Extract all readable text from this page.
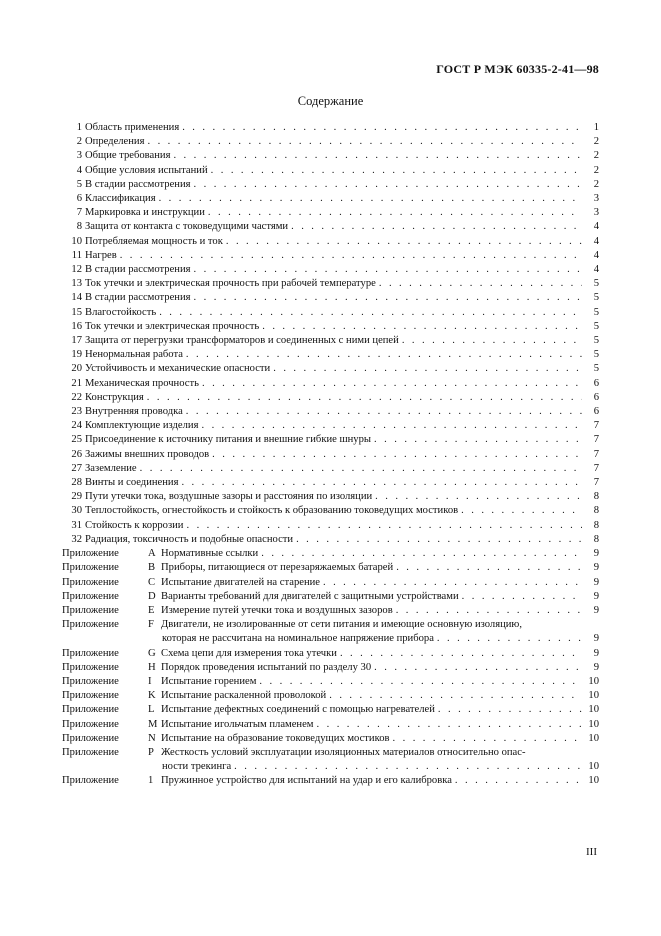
ГОСТ Р МЭК 60335-2-41—98
Содержание
1 Область применения . . .	1
2 Определения . . .	2
3 Общие требования . . .	2
4 Общие условия испытаний . . .	2
5 В стадии рассмотрения . . .	2
6 Классификация . . .	3
7 Маркировка и инструкции . . .	3
8 Защита от контакта с токоведущими частями . . .	4
10 Потребляемая мощность и ток . . .	4
11 Нагрев . . .	4
12 В стадии рассмотрения . . .	4
13 Ток утечки и электрическая прочность при рабочей температуре . . .	5
14 В стадии рассмотрения . . .	5
15 Влагостойкость . . .	5
16 Ток утечки и электрическая прочность . . .	5
17 Защита от перегрузки трансформаторов и соединенных с ними цепей . . .	5
19 Ненормальная работа . . .	5
20 Устойчивость и механические опасности . . .	5
21 Механическая прочность . . .	6
22 Конструкция . . .	6
23 Внутренняя проводка . . .	6
24 Комплектующие изделия . . .	7
25 Присоединение к источнику питания и внешние гибкие шнуры . . .	7
26 Зажимы внешних проводов . . .	7
27 Заземление . . .	7
28 Винты и соединения . . .	7
29 Пути утечки тока, воздушные зазоры и расстояния по изоляции . . .	8
30 Теплостойкость, огнестойкость и стойкость к образованию токоведущих мостиков . . .	8
31 Стойкость к коррозии . . .	8
32 Радиация, токсичность и подобные опасности . . .	8
Приложение	A Нормативные ссылки . . .	9
Приложение	B Приборы, питающиеся от перезаряжаемых батарей . . .	9
Приложение	C Испытание двигателей на старение . . .	9
Приложение	D Варианты требований для двигателей с защитными устройствами . . .	9
Приложение	E Измерение путей утечки тока и воздушных зазоров . . .	9
Приложение	F Двигатели, не изолированные от сети питания и имеющие основную изоляцию,
которая не рассчитана на номинальное напряжение прибора . . .	9
Приложение	G Схема цепи для измерения тока утечки . . .	9
Приложение	H Порядок проведения испытаний по разделу 30 . . .	9
Приложение	I Испытание горением . . .	10
Приложение	K Испытание раскаленной проволокой . . .	10
Приложение	L Испытание дефектных соединений с помощью нагревателей . . .	10
Приложение	M Испытание игольчатым пламенем . . .	10
Приложение	N Испытание на образование токоведущих мостиков . . .	10
Приложение	P Жесткость условий эксплуатации изоляционных материалов относительно опас-
ности трекинга . . .	10
Приложение	1 Пружинное устройство для испытаний на удар и его калибровка . . .	10
III
